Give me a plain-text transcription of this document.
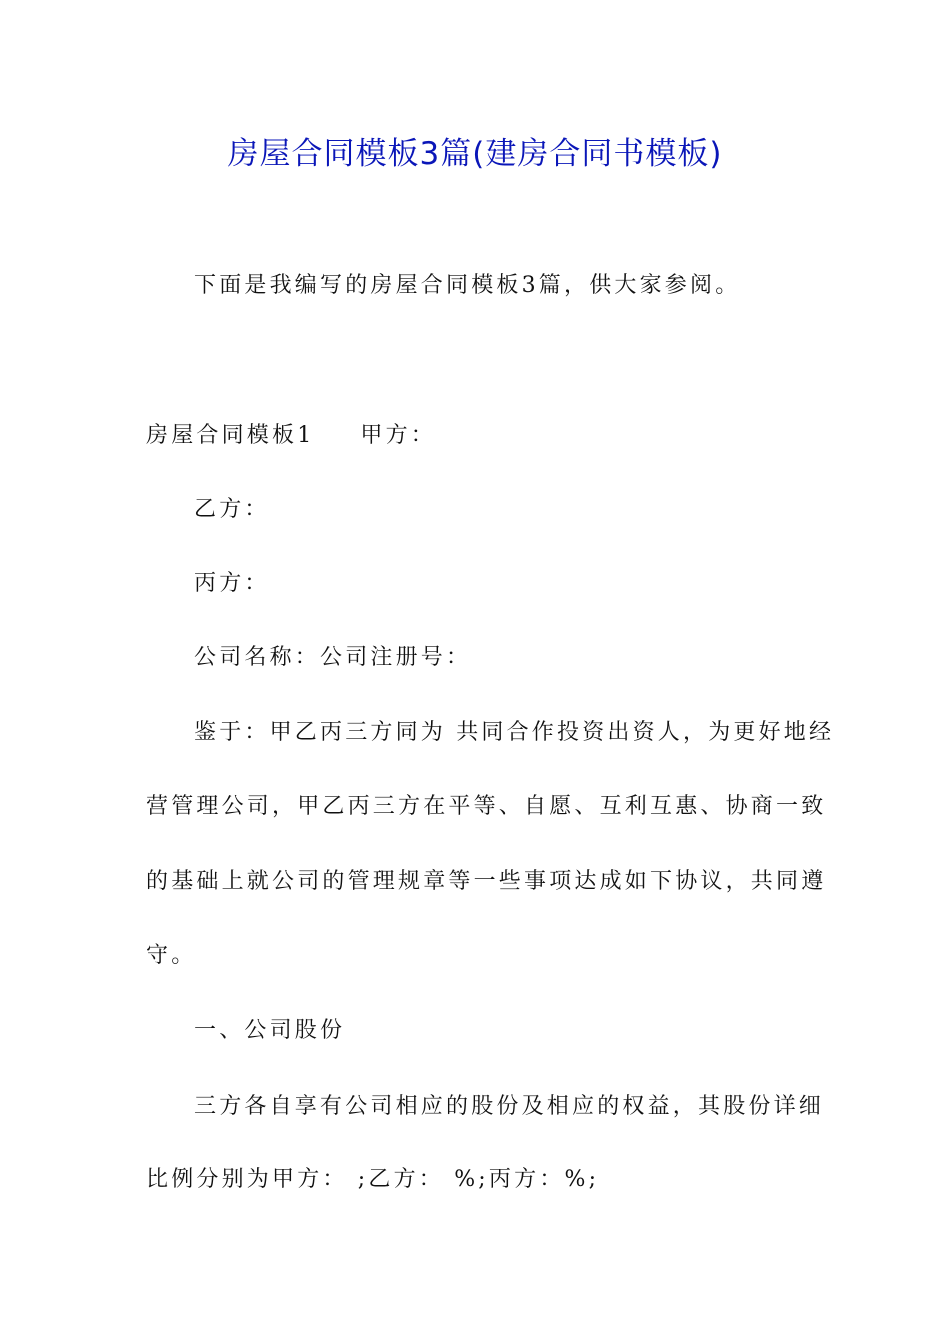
房屋合同模板3篇(建房合同书模板)
下面是我编写的房屋合同模板3篇，供大家参阅。
房屋合同模板1 甲方：
乙方：
丙方：
公司名称：公司注册号：
鉴于：甲乙丙三方同为 共同合作投资出资人，为更好地经
营管理公司，甲乙丙三方在平等、自愿、互利互惠、协商一致
的基础上就公司的管理规章等一些事项达成如下协议，共同遵
守。
一、公司股份
三方各自享有公司相应的股份及相应的权益，其股份详细
比例分别为甲方： ;乙方： %;丙方：%;
